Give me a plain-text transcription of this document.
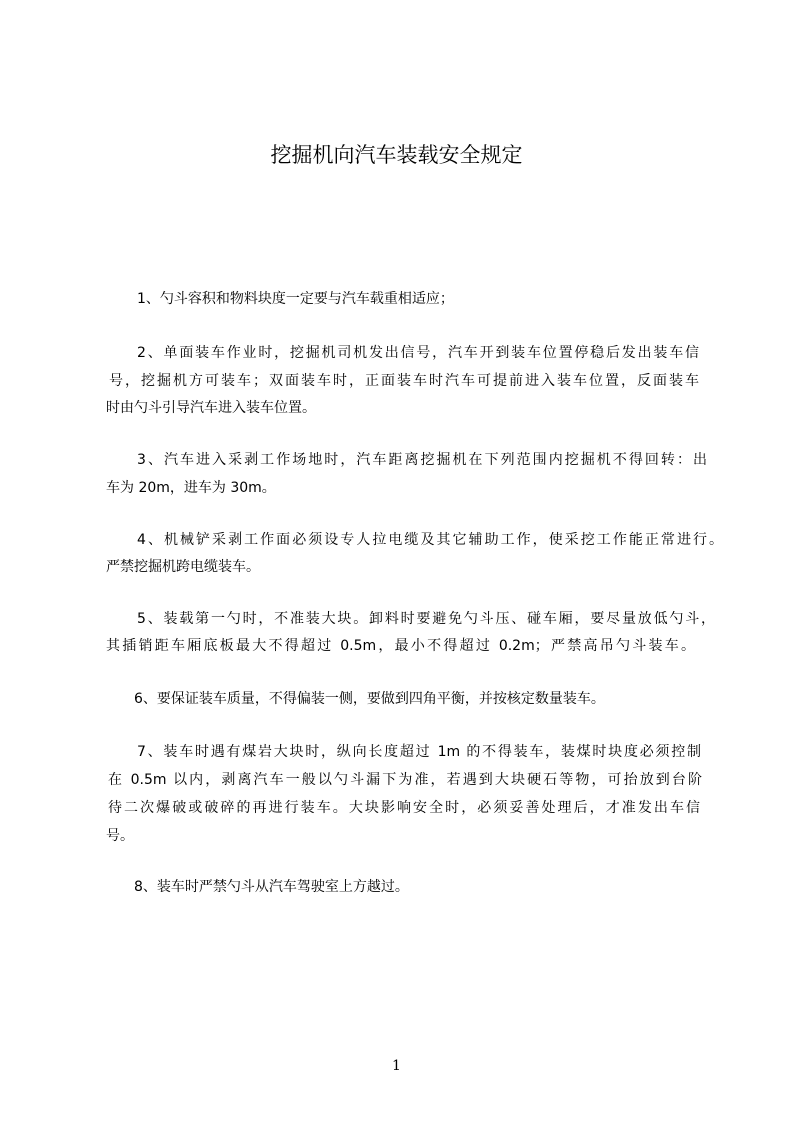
挖掘机向汽车装载安全规定
1、勺斗容积和物料块度一定要与汽车载重相适应；
2、单面装车作业时，挖掘机司机发出信号，汽车开到装车位置停稳后发出装车信
号，挖掘机方可装车；双面装车时，正面装车时汽车可提前进入装车位置，反面装车
时由勺斗引导汽车进入装车位置。
3、汽车进入采剥工作场地时，汽车距离挖掘机在下列范围内挖掘机不得回转：出
车为 20m，进车为 30m。
4、机械铲采剥工作面必须设专人拉电缆及其它辅助工作，使采挖工作能正常进行。
严禁挖掘机跨电缆装车。
5、装载第一勺时，不准装大块。卸料时要避免勺斗压、碰车厢，要尽量放低勺斗，
其插销距车厢底板最大不得超过 0.5m，最小不得超过 0.2m；严禁高吊勺斗装车。
6、要保证装车质量，不得偏装一侧，要做到四角平衡，并按核定数量装车。
7、装车时遇有煤岩大块时，纵向长度超过 1m 的不得装车，装煤时块度必须控制
在 0.5m 以内，剥离汽车一般以勺斗漏下为准，若遇到大块硬石等物，可抬放到台阶
待二次爆破或破碎的再进行装车。大块影响安全时，必须妥善处理后，才准发出车信
号。
8、装车时严禁勺斗从汽车驾驶室上方越过。
1
